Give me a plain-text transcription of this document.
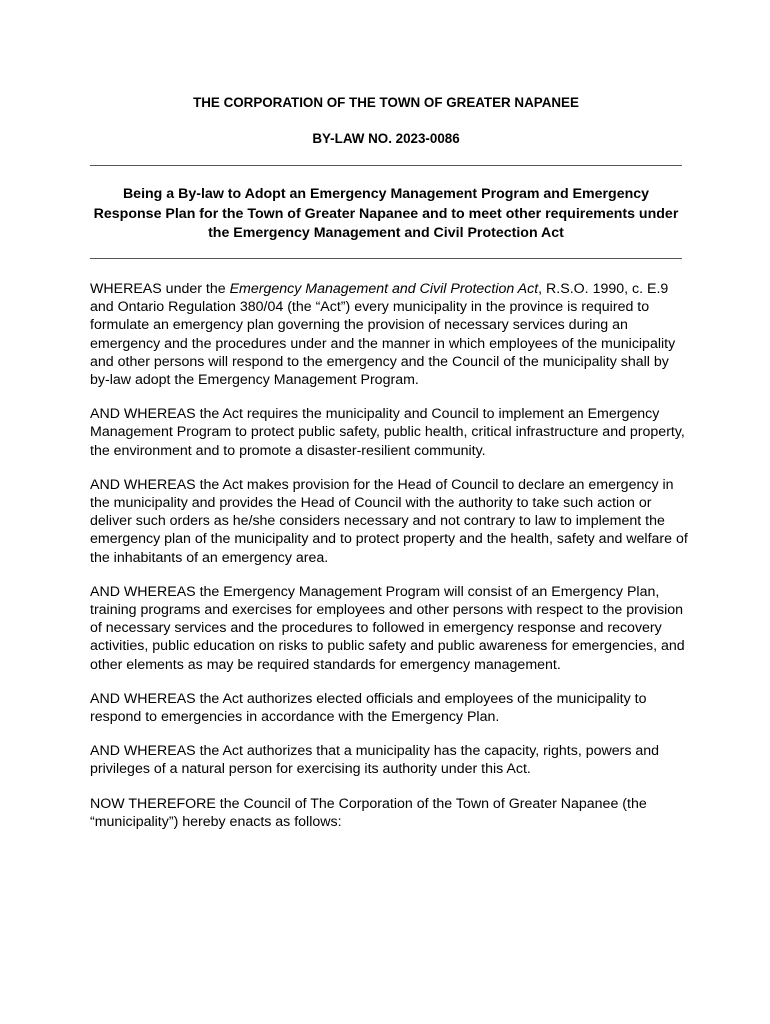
THE CORPORATION OF THE TOWN OF GREATER NAPANEE

BY-LAW NO. 2023-0086

Being a By-law to Adopt an Emergency Management Program and Emergency Response Plan for the Town of Greater Napanee and to meet other requirements under the Emergency Management and Civil Protection Act

WHEREAS under the Emergency Management and Civil Protection Act, R.S.O. 1990, c. E.9 and Ontario Regulation 380/04 (the “Act”) every municipality in the province is required to formulate an emergency plan governing the provision of necessary services during an emergency and the procedures under and the manner in which employees of the municipality and other persons will respond to the emergency and the Council of the municipality shall by by-law adopt the Emergency Management Program.

AND WHEREAS the Act requires the municipality and Council to implement an Emergency Management Program to protect public safety, public health, critical infrastructure and property, the environment and to promote a disaster-resilient community.

AND WHEREAS the Act makes provision for the Head of Council to declare an emergency in the municipality and provides the Head of Council with the authority to take such action or deliver such orders as he/she considers necessary and not contrary to law to implement the emergency plan of the municipality and to protect property and the health, safety and welfare of the inhabitants of an emergency area.

AND WHEREAS the Emergency Management Program will consist of an Emergency Plan, training programs and exercises for employees and other persons with respect to the provision of necessary services and the procedures to followed in emergency response and recovery activities, public education on risks to public safety and public awareness for emergencies, and other elements as may be required standards for emergency management.

AND WHEREAS the Act authorizes elected officials and employees of the municipality to respond to emergencies in accordance with the Emergency Plan.

AND WHEREAS the Act authorizes that a municipality has the capacity, rights, powers and privileges of a natural person for exercising its authority under this Act.

NOW THEREFORE the Council of The Corporation of the Town of Greater Napanee (the “municipality”) hereby enacts as follows:
